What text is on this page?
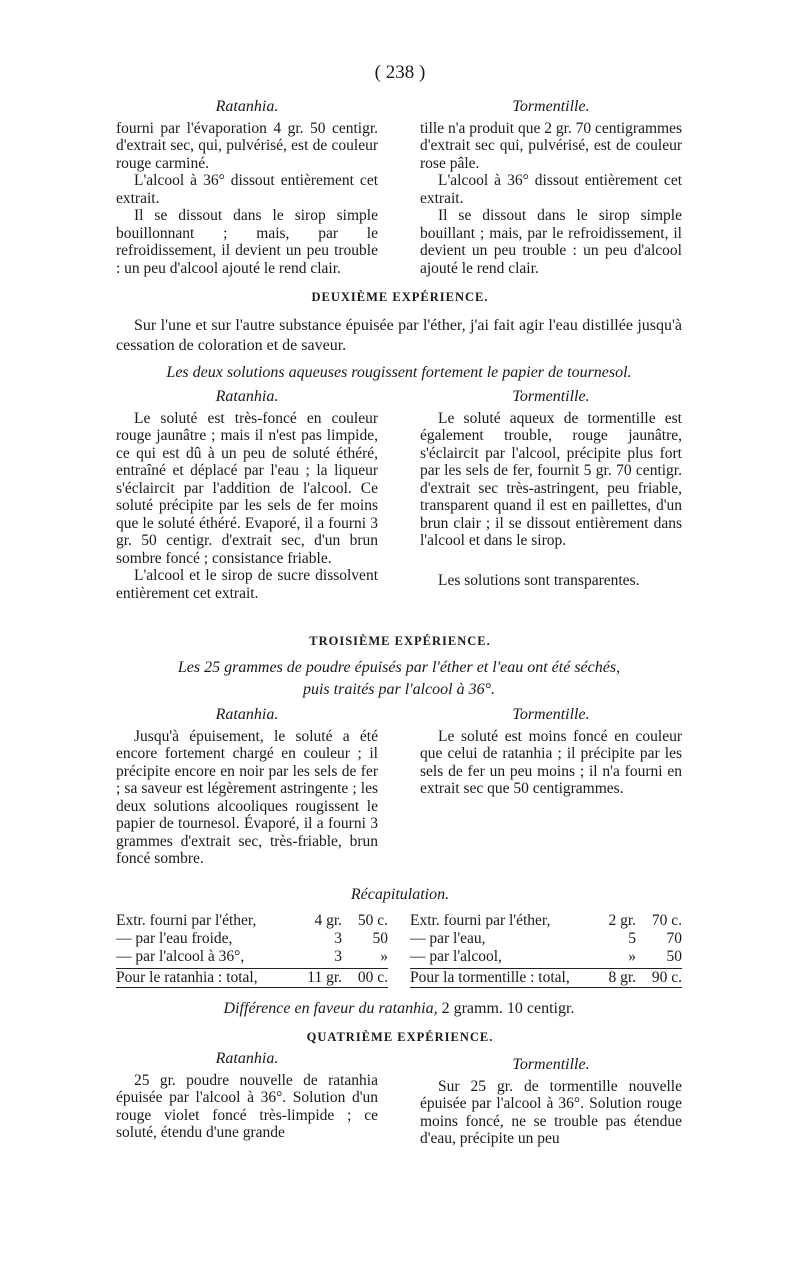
( 238 )
Ratanhia.

fourni par l'évaporation 4 gr. 50 centigr. d'extrait sec, qui, pulvérisé, est de couleur rouge carminé.

L'alcool à 36° dissout entièrement cet extrait.

Il se dissout dans le sirop simple bouillonnant ; mais, par le refroidissement, il devient un peu trouble : un peu d'alcool ajouté le rend clair.

Tormentille.

tille n'a produit que 2 gr. 70 centigrammes d'extrait sec qui, pulvérisé, est de couleur rose pâle.

L'alcool à 36° dissout entièrement cet extrait.

Il se dissout dans le sirop simple bouillant ; mais, par le refroidissement, il devient un peu trouble : un peu d'alcool ajouté le rend clair.

DEUXIÈME EXPÉRIENCE.

Sur l'une et sur l'autre substance épuisée par l'éther, j'ai fait agir l'eau distillée jusqu'à cessation de coloration et de saveur.

Les deux solutions aqueuses rougissent fortement le papier de tournesol.
Ratanhia.

Le soluté est très-foncé en couleur rouge jaunâtre ; mais il n'est pas limpide, ce qui est dû à un peu de soluté éthéré, entraîné et déplacé par l'eau ; la liqueur s'éclaircit par l'addition de l'alcool. Ce soluté précipite par les sels de fer moins que le soluté éthéré. Evaporé, il a fourni 3 gr. 50 centigr. d'extrait sec, d'un brun sombre foncé ; consistance friable.

L'alcool et le sirop de sucre dissolvent entièrement cet extrait.

Tormentille.

Le soluté aqueux de tormentille est également trouble, rouge jaunâtre, s'éclaircit par l'alcool, précipite plus fort par les sels de fer, fournit 5 gr. 70 centigr. d'extrait sec très-astringent, peu friable, transparent quand il est en paillettes, d'un brun clair ; il se dissout entièrement dans l'alcool et dans le sirop.

Les solutions sont transparentes.

TROISIÈME EXPÉRIENCE.
Les 25 grammes de poudre épuisés par l'éther et l'eau ont été séchés,
puis traités par l'alcool à 36°.
Ratanhia.

Jusqu'à épuisement, le soluté a été encore fortement chargé en couleur ; il précipite encore en noir par les sels de fer ; sa saveur est légèrement astringente ; les deux solutions alcooliques rougissent le papier de tournesol. Évaporé, il a fourni 3 grammes d'extrait sec, très-friable, brun foncé sombre.

Tormentille.

Le soluté est moins foncé en couleur que celui de ratanhia ; il précipite par les sels de fer un peu moins ; il n'a fourni en extrait sec que 50 centigrammes.

Récapitulation.
Extr. fourni par l'éther,	4 gr.	50 c.
— par l'eau froide,	3	50
— par l'alcool à 36°,	3	»
Pour le ratanhia : total,	11 gr.	00 c.
Extr. fourni par l'éther,	2 gr.	70 c.
— par l'eau,	5	70
— par l'alcool,	»	50
Pour la tormentille : total,	8 gr.	90 c.
Différence en faveur du ratanhia, 2 gramm. 10 centigr.
QUATRIÈME EXPÉRIENCE.
Ratanhia.

25 gr. poudre nouvelle de ratanhia épuisée par l'alcool à 36°. Solution d'un rouge violet foncé très-limpide ; ce soluté, étendu d'une grande

Tormentille.

Sur 25 gr. de tormentille nouvelle épuisée par l'alcool à 36°. Solution rouge moins foncé, ne se trouble pas étendue d'eau, précipite un peu
